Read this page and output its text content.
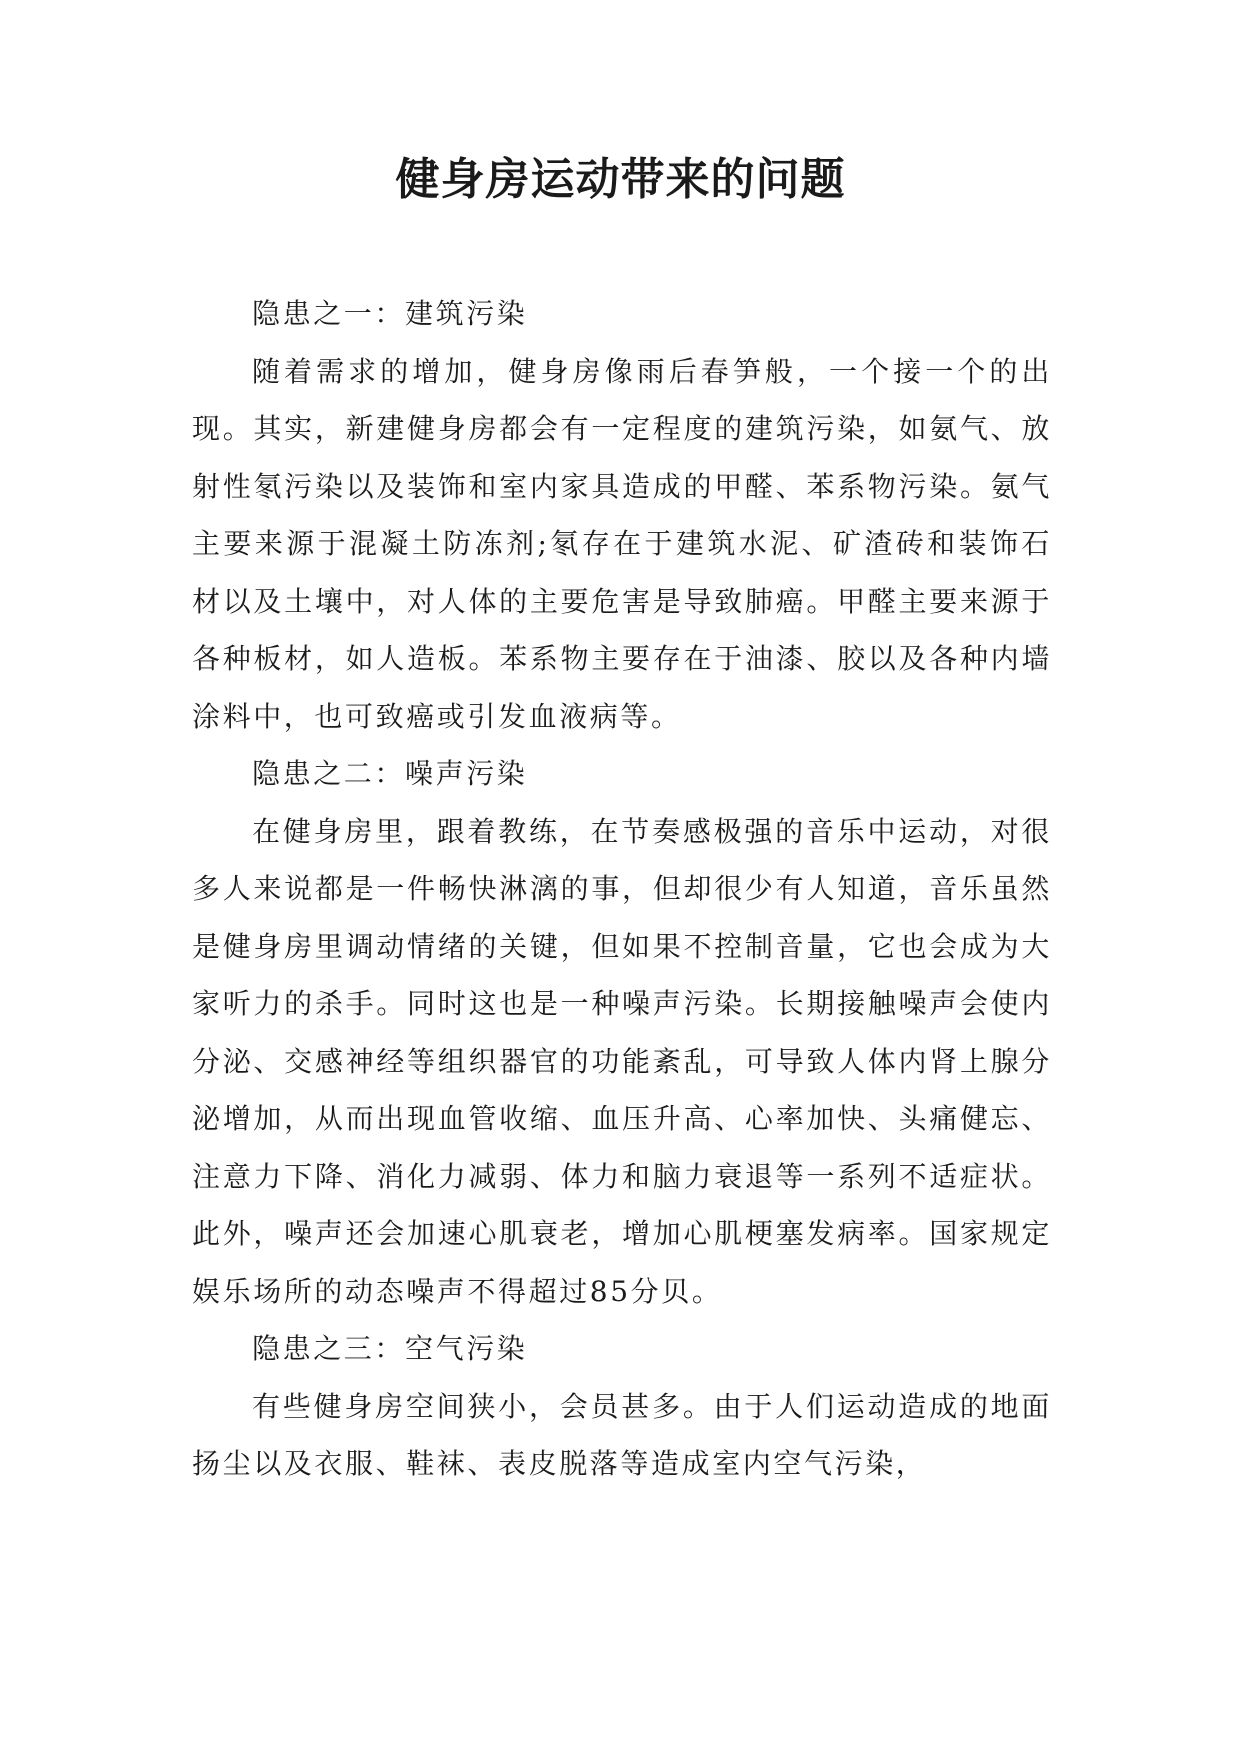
健身房运动带来的问题

隐患之一：建筑污染

随着需求的增加，健身房像雨后春笋般，一个接一个的出现。其实，新建健身房都会有一定程度的建筑污染，如氨气、放射性氡污染以及装饰和室内家具造成的甲醛、苯系物污染。氨气主要来源于混凝土防冻剂;氡存在于建筑水泥、矿渣砖和装饰石材以及土壤中，对人体的主要危害是导致肺癌。甲醛主要来源于各种板材，如人造板。苯系物主要存在于油漆、胶以及各种内墙涂料中，也可致癌或引发血液病等。

隐患之二：噪声污染

在健身房里，跟着教练，在节奏感极强的音乐中运动，对很多人来说都是一件畅快淋漓的事，但却很少有人知道，音乐虽然是健身房里调动情绪的关键，但如果不控制音量，它也会成为大家听力的杀手。同时这也是一种噪声污染。长期接触噪声会使内分泌、交感神经等组织器官的功能紊乱，可导致人体内肾上腺分泌增加，从而出现血管收缩、血压升高、心率加快、头痛健忘、注意力下降、消化力减弱、体力和脑力衰退等一系列不适症状。此外，噪声还会加速心肌衰老，增加心肌梗塞发病率。国家规定娱乐场所的动态噪声不得超过85分贝。

隐患之三：空气污染

有些健身房空间狭小，会员甚多。由于人们运动造成的地面扬尘以及衣服、鞋袜、表皮脱落等造成室内空气污染，
